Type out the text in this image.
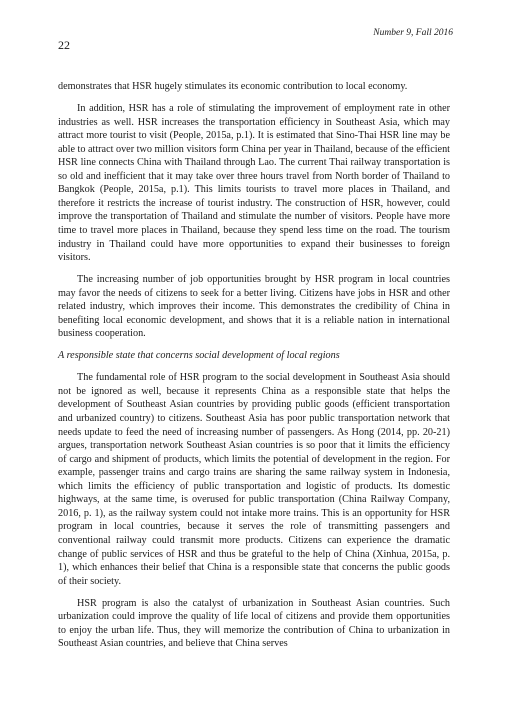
Number 9, Fall 2016
22

demonstrates that HSR hugely stimulates its economic contribution to local economy.

In addition, HSR has a role of stimulating the improvement of employment rate in other industries as well. HSR increases the transportation efficiency in Southeast Asia, which may attract more tourist to visit (People, 2015a, p.1). It is estimated that Sino-Thai HSR line may be able to attract over two million visitors form China per year in Thailand, because of the efficient HSR line connects China with Thailand through Lao. The current Thai railway transportation is so old and inefficient that it may take over three hours travel from North border of Thailand to Bangkok (People, 2015a, p.1). This limits tourists to travel more places in Thailand, and therefore it restricts the increase of tourist industry. The construction of HSR, however, could improve the transportation of Thailand and stimulate the number of visitors. People have more time to travel more places in Thailand, because they spend less time on the road. The tourism industry in Thailand could have more opportunities to expand their businesses to foreign visitors.

The increasing number of job opportunities brought by HSR program in local countries may favor the needs of citizens to seek for a better living. Citizens have jobs in HSR and other related industry, which improves their income. This demonstrates the credibility of China in benefiting local economic development, and shows that it is a reliable nation in international business cooperation.

A responsible state that concerns social development of local regions

The fundamental role of HSR program to the social development in Southeast Asia should not be ignored as well, because it represents China as a responsible state that helps the development of Southeast Asian countries by providing public goods (efficient transportation and urbanized country) to citizens. Southeast Asia has poor public transportation network that needs update to feed the need of increasing number of passengers. As Hong (2014, pp. 20-21) argues, transportation network Southeast Asian countries is so poor that it limits the efficiency of cargo and shipment of products, which limits the potential of development in the region. For example, passenger trains and cargo trains are sharing the same railway system in Indonesia, which limits the efficiency of public transportation and logistic of products. Its domestic highways, at the same time, is overused for public transportation (China Railway Company, 2016, p. 1), as the railway system could not intake more trains. This is an opportunity for HSR program in local countries, because it serves the role of transmitting passengers and conventional railway could transmit more products. Citizens can experience the dramatic change of public services of HSR and thus be grateful to the help of China (Xinhua, 2015a, p. 1), which enhances their belief that China is a responsible state that concerns the public goods of their society.

HSR program is also the catalyst of urbanization in Southeast Asian countries. Such urbanization could improve the quality of life local of citizens and provide them opportunities to enjoy the urban life. Thus, they will memorize the contribution of China to urbanization in Southeast Asian countries, and believe that China serves
